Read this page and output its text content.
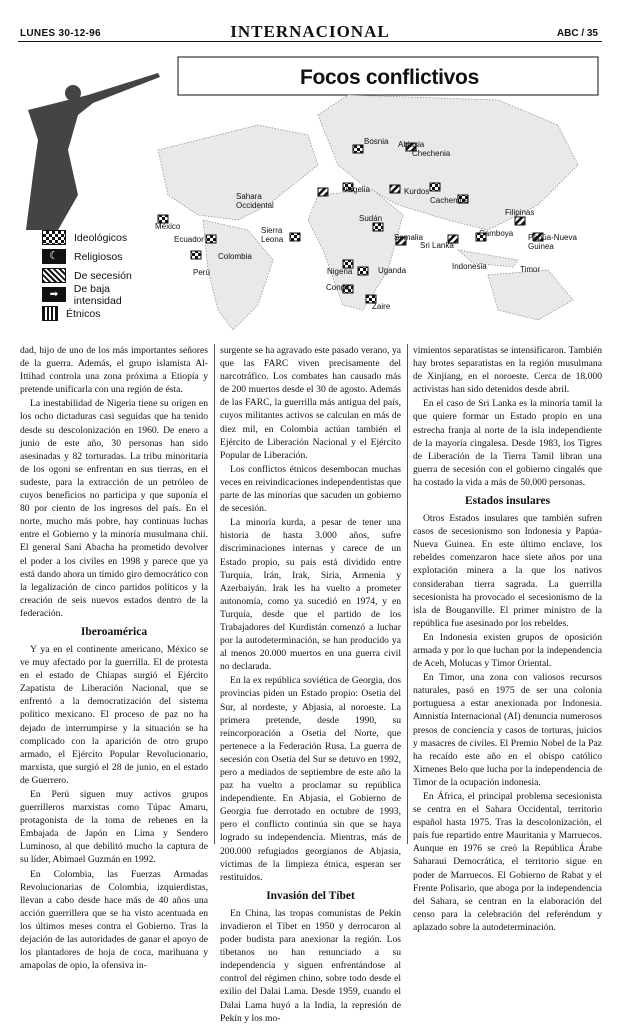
LUNES 30-12-96	INTERNACIONAL	ABC / 35
Focos conflictivos
Bosnia Abjasia
Chechenia
Sahara Occidental
Argelia	Kurdos
Cachemira
Filipinas
México
Ecuador
Colombia
Perú
Sierra Leona
Sudán
Somalia
Sri Lanka
Camboya Papúa-Nueva Guinea
Nigeria	Uganda
Congo
Zaire
Indonesia	Timor
Ideológicos
☾	Religiosos
De secesión
➡	De baja intensidad
Étnicos

dad, hijo de uno de los más importantes señores de la guerra. Además, el grupo islamista Al-Ittihad controla una zona próxima a Etiopía y pretende unificarla con una región de ésta.

La inestabilidad de Nigeria tiene su origen en los ocho dictaduras casi seguidas que ha tenido desde su descolonización en 1960. De enero a junio de este año, 30 personas han sido asesinadas y 82 torturadas. La tribu minoritaria de los ogoni se enfrentan en sus tierras, en el sudeste, para la extracción de un petróleo de cuyos beneficios no participa y que suponía el 80 por ciento de los ingresos del país. En el norte, mucho más pobre, hay continuas luchas entre el Gobierno y la minoría musulmana chií. El general Sani Abacha ha prometido devolver el poder a los civiles en 1998 y parece que ya está dando ahora un tímido giro democrático con la legalización de cinco partidos políticos y la creación de seis nuevos estados dentro de la federación.

Iberoamérica

Y ya en el continente americano, México se ve muy afectado por la guerrilla. El de protesta en el estado de Chiapas surgió el Ejército Zapatista de Liberación Nacional, que se enfrentó a la democratización del sistema político mexicano. El proceso de paz no ha dejado de interrumpirse y la situación se ha complicado con la aparición de otro grupo armado, el Ejército Popular Revolucionario, marxista, que surgió el 28 de junio, en el estado de Guerrero.

En Perú siguen muy activos grupos guerrilleros marxistas como Túpac Amaru, protagonista de la toma de rehenes en la Embajada de Japón en Lima y Sendero Luminoso, al que debilitó mucho la captura de su líder, Abimael Guzmán en 1992.

En Colombia, las Fuerzas Armadas Revolucionarias de Colombia, izquierdistas, llevan a cabo desde hace más de 40 años una acción guerrillera que se ha visto acentuada en los últimos meses contra el Gobierno. Tras la dejación de las autoridades de ganar el apoyo de los plantadores de hoja de coca, marihuana y amapolas de opio, la ofensiva in-

surgente se ha agravado este pasado verano, ya que las FARC viven precisamente del narcotráfico. Los combates han causado más de 200 muertos desde el 30 de agosto. Además de las FARC, la guerrilla más antigua del país, cuyos militantes activos se calculan en más de diez mil, en Colombia actúan también el Ejército de Liberación Nacional y el Ejército Popular de Liberación.

Los conflictos étnicos desembocan muchas veces en reivindicaciones independentistas que parte de las minorías que sacuden un gobierno de secesión.

La minoría kurda, a pesar de tener una historia de hasta 3.000 años, sufre discriminaciones internas y carece de un Estado propio, su país está dividido entre Turquía, Irán, Irak, Siria, Armenia y Azerbaiyán. Irak les ha vuelto a prometer autonomía, como ya sucedió en 1974, y en Turquía, desde que el partido de los Trabajadores del Kurdistán comenzó a luchar por la autodeterminación, se han producido ya al menos 20.000 muertos en una guerra civil no declarada.

En la ex república soviética de Georgia, dos provincias piden un Estado propio: Osetia del Sur, al nordeste, y Abjasia, al noroeste. La primera pretende, desde 1990, su reincorporación a Osetia del Norte, que pertenece a la Federación Rusa. La guerra de secesión con Osetia del Sur se detuvo en 1992, pero a mediados de septiembre de este año la paz ha vuelto a proclamar su república independiente. En Abjasia, el Gobierno de Georgia fue derrotado en octubre de 1993, pero el conflicto continúa sin que se haya logrado su independencia. Mientras, más de 200.000 refugiados georgianos de Abjasia, víctimas de la limpieza étnica, esperan ser restituidos.

Invasión del Tíbet

En China, las tropas comunistas de Pekín invadieron el Tíbet en 1950 y derrocaron al poder budista para anexionar la región. Los tibetanos no han renunciado a su independencia y siguen enfrentándose al control del régimen chino, sobre todo desde el exilio del Dalai Lama. Desde 1959, cuando el Dalai Lama huyó a la India, la represión de Pekín y los mo-

vimientos separatistas se intensificaron. También hay brotes separatistas en la región musulmana de Xinjiang, en el noroeste. Cerca de 18.000 activistas han sido detenidos desde abril.

En el caso de Sri Lanka es la minoría tamil la que quiere formar un Estado propio en una estrecha franja al norte de la isla independiente de la mayoría cingalesa. Desde 1983, los Tigres de Liberación de la Tierra Tamil libran una guerra de secesión con el gobierno cingalés que ha costado la vida a más de 50.000 personas.

Estados insulares

Otros Estados insulares que también sufren casos de secesionismo son Indonesia y Papúa-Nueva Guinea. En este último enclave, los rebeldes comenzaron hace siete años por una explotación minera a la que los nativos consideraban tierra sagrada. La guerrilla secesionista ha provocado el secesionismo de la isla de Bouganville. El primer ministro de la república fue asesinado por los rebeldes.

En Indonesia existen grupos de oposición armada y por lo que luchan por la independencia de Aceh, Molucas y Timor Oriental.

En Timor, una zona con valiosos recursos naturales, pasó en 1975 de ser una colonia portuguesa a estar anexionada por Indonesia. Amnistía Internacional (AI) denuncia numerosos presos de conciencia y casos de torturas, juicios y masacres de civiles. El Premio Nobel de la Paz ha recaído este año en el obispo católico Ximenes Belo que lucha por la independencia de Timor de la ocupación indonesia.

En África, el principal problema secesionista se centra en el Sahara Occidental, territorio español hasta 1975. Tras la descolonización, el país fue repartido entre Mauritania y Marruecos. Aunque en 1976 se creó la República Árabe Saharaui Democrática, el territorio sigue en poder de Marruecos. El Gobierno de Rabat y el Frente Polisario, que aboga por la independencia del Sahara, se centran en la elaboración del censo para la celebración del referéndum y aplazado sobre la autodeterminación.
